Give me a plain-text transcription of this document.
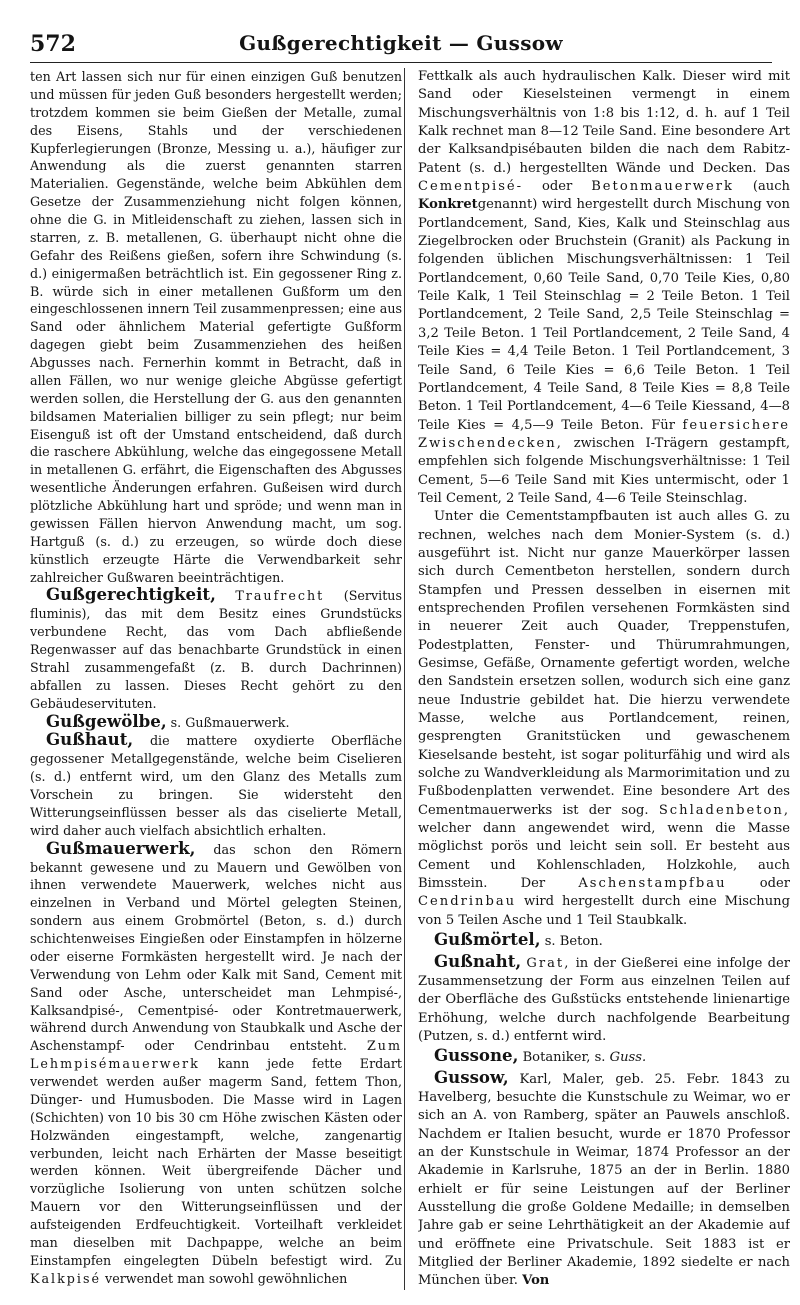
572	Gußgerechtigkeit — Gussow

ten Art lassen sich nur für einen einzigen Guß benutzen und müssen für jeden Guß besonders hergestellt werden; trotzdem kommen sie beim Gießen der Metalle, zumal des Eisens, Stahls und der verschiedenen Kupferlegierungen (Bronze, Messing u. a.), häufiger zur Anwendung als die zuerst genannten starren Materialien. Gegenstände, welche beim Abkühlen dem Gesetze der Zusammenziehung nicht folgen können, ohne die G. in Mitleidenschaft zu ziehen, lassen sich in starren, z. B. metallenen, G. überhaupt nicht ohne die Gefahr des Reißens gießen, sofern ihre Schwindung (s. d.) einigermaßen beträchtlich ist. Ein gegossener Ring z. B. würde sich in einer metallenen Gußform um den eingeschlossenen innern Teil zusammenpressen; eine aus Sand oder ähnlichem Material gefertigte Gußform dagegen giebt beim Zusammenziehen des heißen Abgusses nach. Fernerhin kommt in Betracht, daß in allen Fällen, wo nur wenige gleiche Abgüsse gefertigt werden sollen, die Herstellung der G. aus den genannten bildsamen Materialien billiger zu sein pflegt; nur beim Eisenguß ist oft der Umstand entscheidend, daß durch die raschere Abkühlung, welche das eingegossene Metall in metallenen G. erfährt, die Eigenschaften des Abgusses wesentliche Änderungen erfahren. Gußeisen wird durch plötzliche Abkühlung hart und spröde; und wenn man in gewissen Fällen hiervon Anwendung macht, um sog. Hartguß (s. d.) zu erzeugen, so würde doch diese künstlich erzeugte Härte die Verwendbarkeit sehr zahlreicher Gußwaren beeinträchtigen.

Gußgerechtigkeit, Traufrecht (Servitus fluminis), das mit dem Besitz eines Grundstücks verbundene Recht, das vom Dach abfließende Regenwasser auf das benachbarte Grundstück in einen Strahl zusammengefaßt (z. B. durch Dachrinnen) abfallen zu lassen. Dieses Recht gehört zu den Gebäudeservituten.

Gußgewölbe, s. Gußmauerwerk.

Gußhaut, die mattere oxydierte Oberfläche gegossener Metallgegenstände, welche beim Ciselieren (s. d.) entfernt wird, um den Glanz des Metalls zum Vorschein zu bringen. Sie widersteht den Witterungseinflüssen besser als das ciselierte Metall, wird daher auch vielfach absichtlich erhalten.

Gußmauerwerk, das schon den Römern bekannt gewesene und zu Mauern und Gewölben von ihnen verwendete Mauerwerk, welches nicht aus einzelnen in Verband und Mörtel gelegten Steinen, sondern aus einem Grobmörtel (Beton, s. d.) durch schichtenweises Eingießen oder Einstampfen in hölzerne oder eiserne Formkästen hergestellt wird. Je nach der Verwendung von Lehm oder Kalk mit Sand, Cement mit Sand oder Asche, unterscheidet man Lehmpisé-, Kalksandpisé-, Cementpisé- oder Kontretmauerwerk, während durch Anwendung von Staubkalk und Asche der Aschenstampf- oder Cendrinbau entsteht. Zum Lehmpisémauerwerk kann jede fette Erdart verwendet werden außer magerm Sand, fettem Thon, Dünger- und Humusboden. Die Masse wird in Lagen (Schichten) von 10 bis 30 cm Höhe zwischen Kästen oder Holzwänden eingestampft, welche, zangenartig verbunden, leicht nach Erhärten der Masse beseitigt werden können. Weit übergreifende Dächer und vorzügliche Isolierung von unten schützen solche Mauern vor den Witterungseinflüssen und der aufsteigenden Erdfeuchtigkeit. Vorteilhaft verkleidet man dieselben mit Dachpappe, welche an beim Einstampfen eingelegten Dübeln befestigt wird. Zu Kalkpisé verwendet man sowohl gewöhnlichen

Fettkalk als auch hydraulischen Kalk. Dieser wird mit Sand oder Kieselsteinen vermengt in einem Mischungsverhältnis von 1:8 bis 1:12, d. h. auf 1 Teil Kalk rechnet man 8—12 Teile Sand. Eine besondere Art der Kalksandpisébauten bilden die nach dem Rabitz-Patent (s. d.) hergestellten Wände und Decken. Das Cementpisé- oder Betonmauerwerk (auch Konkretgenannt) wird hergestellt durch Mischung von Portlandcement, Sand, Kies, Kalk und Steinschlag aus Ziegelbrocken oder Bruchstein (Granit) als Packung in folgenden üblichen Mischungsverhältnissen: 1 Teil Portlandcement, 0,60 Teile Sand, 0,70 Teile Kies, 0,80 Teile Kalk, 1 Teil Steinschlag = 2 Teile Beton. 1 Teil Portlandcement, 2 Teile Sand, 2,5 Teile Steinschlag = 3,2 Teile Beton. 1 Teil Portlandcement, 2 Teile Sand, 4 Teile Kies = 4,4 Teile Beton. 1 Teil Portlandcement, 3 Teile Sand, 6 Teile Kies = 6,6 Teile Beton. 1 Teil Portlandcement, 4 Teile Sand, 8 Teile Kies = 8,8 Teile Beton. 1 Teil Portlandcement, 4—6 Teile Kiessand, 4—8 Teile Kies = 4,5—9 Teile Beton. Für feuersichere Zwischendecken, zwischen I-Trägern gestampft, empfehlen sich folgende Mischungsverhältnisse: 1 Teil Cement, 5—6 Teile Sand mit Kies untermischt, oder 1 Teil Cement, 2 Teile Sand, 4—6 Teile Steinschlag.

Unter die Cementstampfbauten ist auch alles G. zu rechnen, welches nach dem Monier-System (s. d.) ausgeführt ist. Nicht nur ganze Mauerkörper lassen sich durch Cementbeton herstellen, sondern durch Stampfen und Pressen desselben in eisernen mit entsprechenden Profilen versehenen Formkästen sind in neuerer Zeit auch Quader, Treppenstufen, Podestplatten, Fenster- und Thürumrahmungen, Gesimse, Gefäße, Ornamente gefertigt worden, welche den Sandstein ersetzen sollen, wodurch sich eine ganz neue Industrie gebildet hat. Die hierzu verwendete Masse, welche aus Portlandcement, reinen, gesprengten Granitstücken und gewaschenem Kieselsande besteht, ist sogar politurfähig und wird als solche zu Wandverkleidung als Marmorimitation und zu Fußbodenplatten verwendet. Eine besondere Art des Cementmauerwerks ist der sog. Schladenbeton, welcher dann angewendet wird, wenn die Masse möglichst porös und leicht sein soll. Er besteht aus Cement und Kohlenschladen, Holzkohle, auch Bimsstein. Der	Aschenstampfbau	oder Cendrinbau wird hergestellt durch eine Mischung von 5 Teilen Asche und 1 Teil Staubkalk.

Gußmörtel, s. Beton.

Gußnaht, Grat, in der Gießerei eine infolge der Zusammensetzung der Form aus einzelnen Teilen auf der Oberfläche des Gußstücks entstehende linienartige Erhöhung, welche durch nachfolgende Bearbeitung (Putzen, s. d.) entfernt wird.

Gussone, Botaniker, s. Guss.

Gussow, Karl, Maler, geb. 25. Febr. 1843 zu Havelberg, besuchte die Kunstschule zu Weimar, wo er sich an A. von Ramberg, später an Pauwels anschloß. Nachdem er Italien besucht, wurde er 1870 Professor an der Kunstschule in Weimar, 1874 Professor an der Akademie in Karlsruhe, 1875 an der in Berlin. 1880 erhielt er für seine Leistungen auf der Berliner Ausstellung die große Goldene Medaille; in demselben Jahre gab er seine Lehrthätigkeit an der Akademie auf und eröffnete eine Privatschule. Seit 1883 ist er Mitglied der Berliner Akademie, 1892 siedelte er nach München über. Von
